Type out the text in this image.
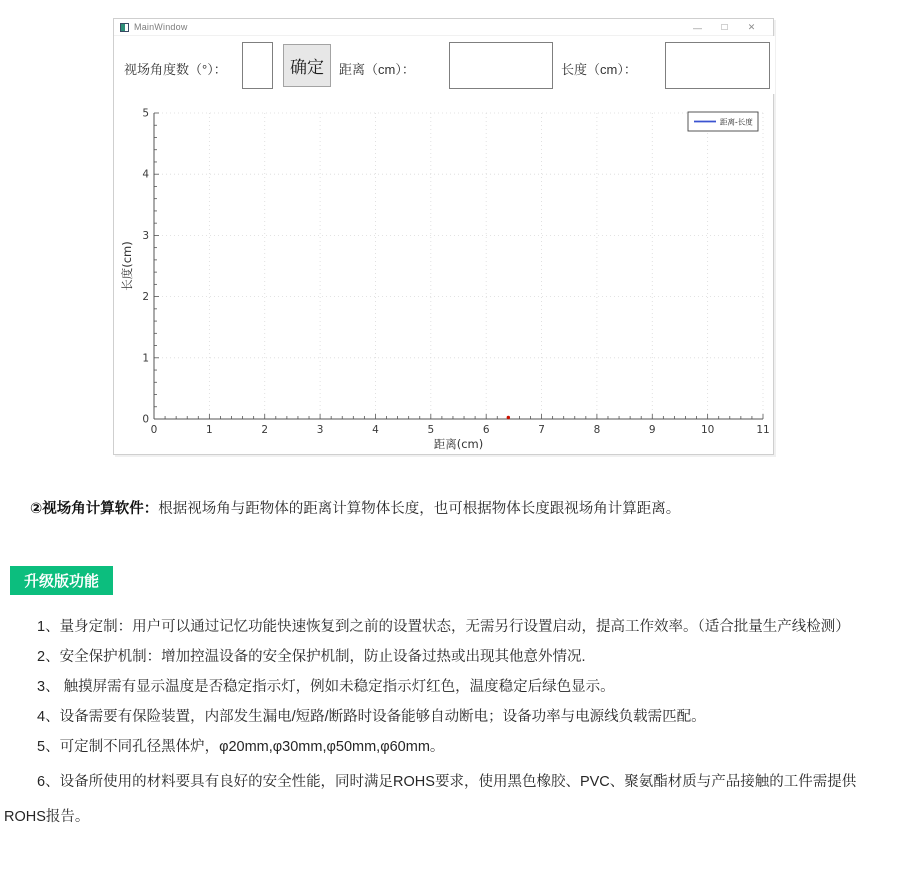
MainWindow	—	□	✕
视场角度数（°）：	确定	距离（cm）：	长度（cm）：
0	1	2	3	4	5	6	7	8	9	10	11
0
1
2
3
4
5
距离(cm)
长度(cm)
距离-长度

②视场角计算软件：根据视场角与距物体的距离计算物体长度，也可根据物体长度跟视场角计算距离。

升级版功能

1、量身定制：用户可以通过记忆功能快速恢复到之前的设置状态，无需另行设置启动，提高工作效率。（适合批量生产线检测）

2、安全保护机制：增加控温设备的安全保护机制，防止设备过热或出现其他意外情况.

3、 触摸屏需有显示温度是否稳定指示灯，例如未稳定指示灯红色，温度稳定后绿色显示。

4、设备需要有保险装置，内部发生漏电/短路/断路时设备能够自动断电；设备功率与电源线负载需匹配。

5、可定制不同孔径黑体炉，φ20mm,φ30mm,φ50mm,φ60mm。

6、设备所使用的材料要具有良好的安全性能，同时满足ROHS要求，使用黑色橡胶、PVC、聚氨酯材质与产品接触的工件需提供ROHS报告。
